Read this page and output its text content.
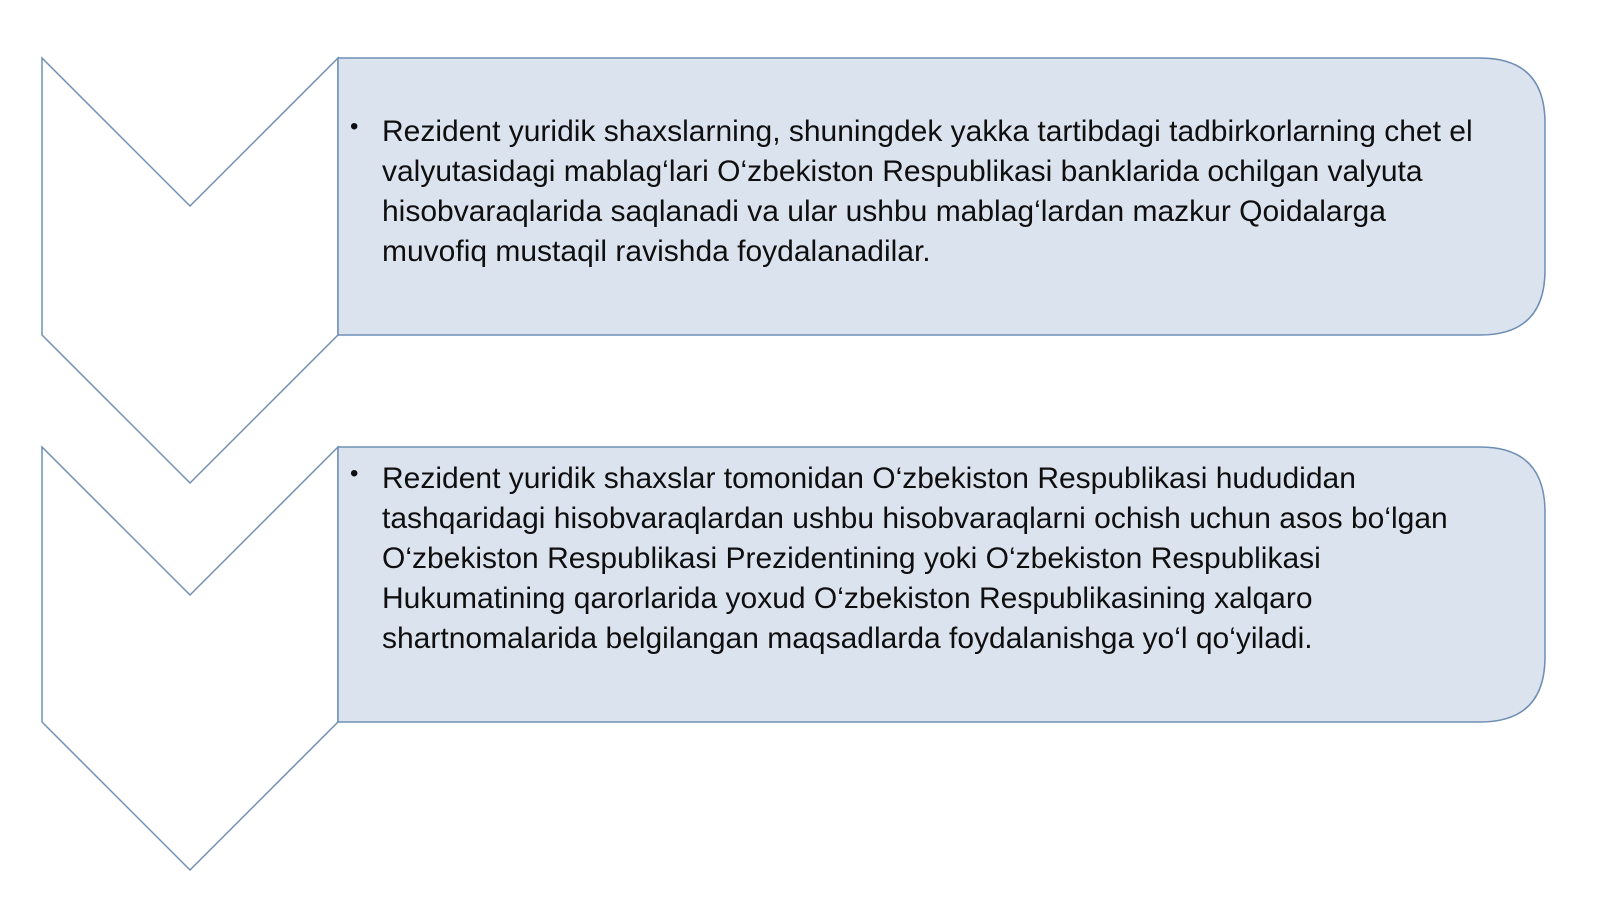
• Rezident yuridik shaxslarning, shuningdek yakka tartibdagi tadbirkorlarning chet el valyutasidagi mablag‘lari O‘zbekiston Respublikasi banklarida ochilgan valyuta hisobvaraqlarida saqlanadi va ular ushbu mablag‘lardan mazkur Qoidalarga muvofiq mustaqil ravishda foydalanadilar.
• Rezident yuridik shaxslar tomonidan O‘zbekiston Respublikasi hududidan tashqaridagi hisobvaraqlardan ushbu hisobvaraqlarni ochish uchun asos bo‘lgan O‘zbekiston Respublikasi Prezidentining yoki O‘zbekiston Respublikasi Hukumatining qarorlarida yoxud O‘zbekiston Respublikasining xalqaro shartnomalarida belgilangan maqsadlarda foydalanishga yo‘l qo‘yiladi.
